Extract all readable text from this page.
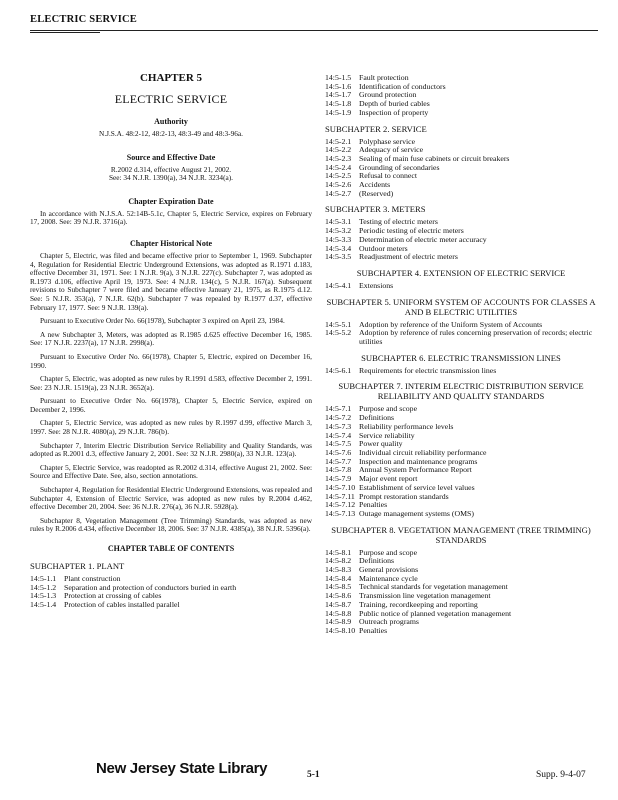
ELECTRIC SERVICE
CHAPTER 5
ELECTRIC SERVICE
Authority
N.J.S.A. 48:2-12, 48:2-13, 48:3-49 and 48:3-96a.
Source and Effective Date
R.2002 d.314, effective August 21, 2002.
See: 34 N.J.R. 1390(a), 34 N.J.R. 3234(a).
Chapter Expiration Date
In accordance with N.J.S.A. 52:14B-5.1c, Chapter 5, Electric Service, expires on February 17, 2008. See: 39 N.J.R. 3716(a).
Chapter Historical Note
Chapter 5, Electric, was filed and became effective prior to September 1, 1969. Subchapter 4, Regulation for Residential Electric Underground Extensions, was adopted as R.1971 d.183, effective December 31, 1971. See: 1 N.J.R. 9(a), 3 N.J.R. 227(c). Subchapter 7, was adopted as R.1973 d.106, effective April 19, 1973. See: 4 N.J.R. 134(c), 5 N.J.R. 167(a). Subsequent revisions to Subchapter 7 were filed and became effective January 21, 1975, as R.1975 d.12. See: 5 N.J.R. 353(a), 7 N.J.R. 62(b). Subchapter 7 was repealed by R.1977 d.37, effective February 17, 1977. See: 9 N.J.R. 139(a).
Pursuant to Executive Order No. 66(1978), Subchapter 3 expired on April 23, 1984.
A new Subchapter 3, Meters, was adopted as R.1985 d.625 effective December 16, 1985. See: 17 N.J.R. 2237(a), 17 N.J.R. 2998(a).
Pursuant to Executive Order No. 66(1978), Chapter 5, Electric, expired on December 16, 1990.
Chapter 5, Electric, was adopted as new rules by R.1991 d.583, effective December 2, 1991. See: 23 N.J.R. 1519(a), 23 N.J.R. 3652(a).
Pursuant to Executive Order No. 66(1978), Chapter 5, Electric Service, expired on December 2, 1996.
Chapter 5, Electric Service, was adopted as new rules by R.1997 d.99, effective March 3, 1997. See: 28 N.J.R. 4080(a), 29 N.J.R. 786(b).
Subchapter 7, Interim Electric Distribution Service Reliability and Quality Standards, was adopted as R.2001 d.3, effective January 2, 2001. See: 32 N.J.R. 2980(a), 33 N.J.R. 123(a).
Chapter 5, Electric Service, was readopted as R.2002 d.314, effective August 21, 2002. See: Source and Effective Date. See, also, section annotations.
Subchapter 4, Regulation for Residential Electric Underground Extensions, was repealed and Subchapter 4, Extension of Electric Service, was adopted as new rules by R.2004 d.462, effective December 20, 2004. See: 36 N.J.R. 276(a), 36 N.J.R. 5928(a).
Subchapter 8, Vegetation Management (Tree Trimming) Standards, was adopted as new rules by R.2006 d.434, effective December 18, 2006. See: 37 N.J.R. 4385(a), 38 N.J.R. 5396(a).
CHAPTER TABLE OF CONTENTS
SUBCHAPTER 1. PLANT
14:5-1.1 Plant construction
14:5-1.2 Separation and protection of conductors buried in earth
14:5-1.3 Protection at crossing of cables
14:5-1.4 Protection of cables installed parallel
14:5-1.5 Fault protection
14:5-1.6 Identification of conductors
14:5-1.7 Ground protection
14:5-1.8 Depth of buried cables
14:5-1.9 Inspection of property
SUBCHAPTER 2. SERVICE
14:5-2.1 Polyphase service
14:5-2.2 Adequacy of service
14:5-2.3 Sealing of main fuse cabinets or circuit breakers
14:5-2.4 Grounding of secondaries
14:5-2.5 Refusal to connect
14:5-2.6 Accidents
14:5-2.7 (Reserved)
SUBCHAPTER 3. METERS
14:5-3.1 Testing of electric meters
14:5-3.2 Periodic testing of electric meters
14:5-3.3 Determination of electric meter accuracy
14:5-3.4 Outdoor meters
14:5-3.5 Readjustment of electric meters
SUBCHAPTER 4. EXTENSION OF ELECTRIC SERVICE
14:5-4.1 Extensions
SUBCHAPTER 5. UNIFORM SYSTEM OF ACCOUNTS FOR CLASSES A AND B ELECTRIC UTILITIES
14:5-5.1 Adoption by reference of the Uniform System of Accounts
14:5-5.2 Adoption by reference of rules concerning preservation of records; electric utilities
SUBCHAPTER 6. ELECTRIC TRANSMISSION LINES
14:5-6.1 Requirements for electric transmission lines
SUBCHAPTER 7. INTERIM ELECTRIC DISTRIBUTION SERVICE RELIABILITY AND QUALITY STANDARDS
14:5-7.1 Purpose and scope
14:5-7.2 Definitions
14:5-7.3 Reliability performance levels
14:5-7.4 Service reliability
14:5-7.5 Power quality
14:5-7.6 Individual circuit reliability performance
14:5-7.7 Inspection and maintenance programs
14:5-7.8 Annual System Performance Report
14:5-7.9 Major event report
14:5-7.10 Establishment of service level values
14:5-7.11 Prompt restoration standards
14:5-7.12 Penalties
14:5-7.13 Outage management systems (OMS)
SUBCHAPTER 8. VEGETATION MANAGEMENT (TREE TRIMMING) STANDARDS
14:5-8.1 Purpose and scope
14:5-8.2 Definitions
14:5-8.3 General provisions
14:5-8.4 Maintenance cycle
14:5-8.5 Technical standards for vegetation management
14:5-8.6 Transmission line vegetation management
14:5-8.7 Training, recordkeeping and reporting
14:5-8.8 Public notice of planned vegetation management
14:5-8.9 Outreach programs
14:5-8.10 Penalties
New Jersey State Library	5-1	Supp. 9-4-07
